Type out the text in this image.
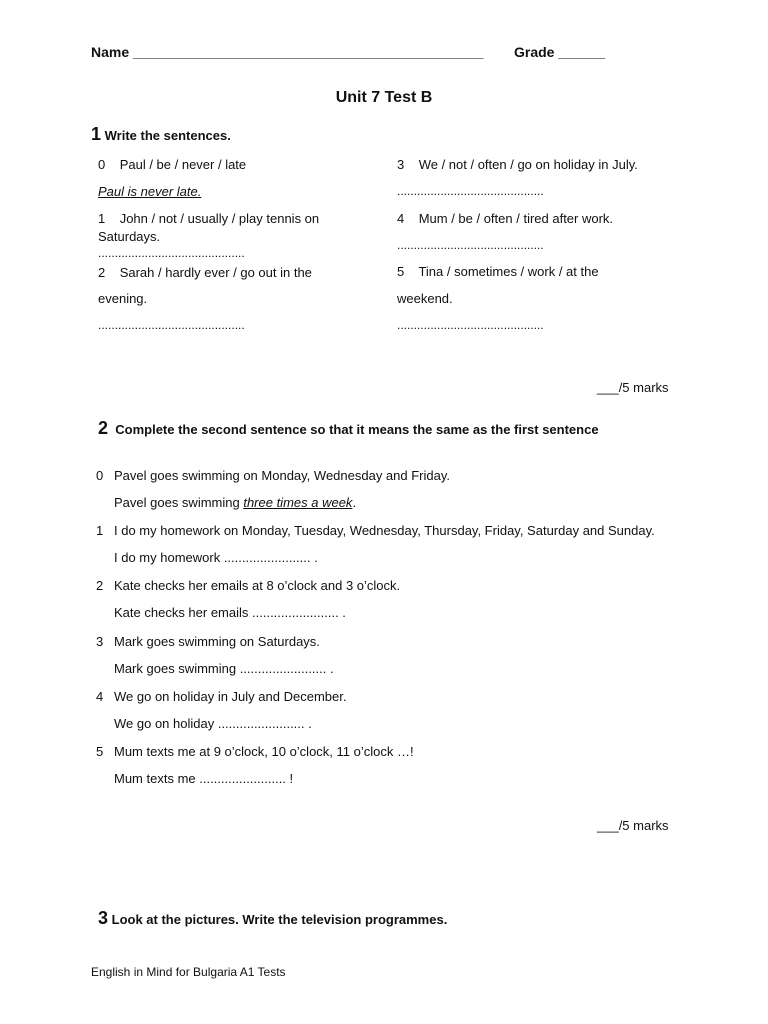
Name _____________________________________________ Grade ______
Unit 7 Test B
1 Write the sentences.
0 Paul / be / never / late
Paul is never late.
1 John / not / usually / play tennis on
Saturdays.
............................................
2 Sarah / hardly ever / go out in the
evening.
............................................
3 We / not / often / go on holiday in July.
............................................
4 Mum / be / often / tired after work.
............................................
5 Tina / sometimes / work / at the
weekend.
............................................
___/5 marks
2 Complete the second sentence so that it means the same as the first sentence
0 Pavel goes swimming on Monday, Wednesday and Friday.
Pavel goes swimming three times a week.
1 I do my homework on Monday, Tuesday, Wednesday, Thursday, Friday, Saturday and Sunday.
I do my homework ........................ .
2 Kate checks her emails at 8 o’clock and 3 o’clock.
Kate checks her emails ........................ .
3 Mark goes swimming on Saturdays.
Mark goes swimming ........................ .
4 We go on holiday in July and December.
We go on holiday ........................ .
5 Mum texts me at 9 o’clock, 10 o’clock, 11 o’clock …!
Mum texts me ........................ !
___/5 marks
3 Look at the pictures. Write the television programmes.
English in Mind for Bulgaria A1 Tests
